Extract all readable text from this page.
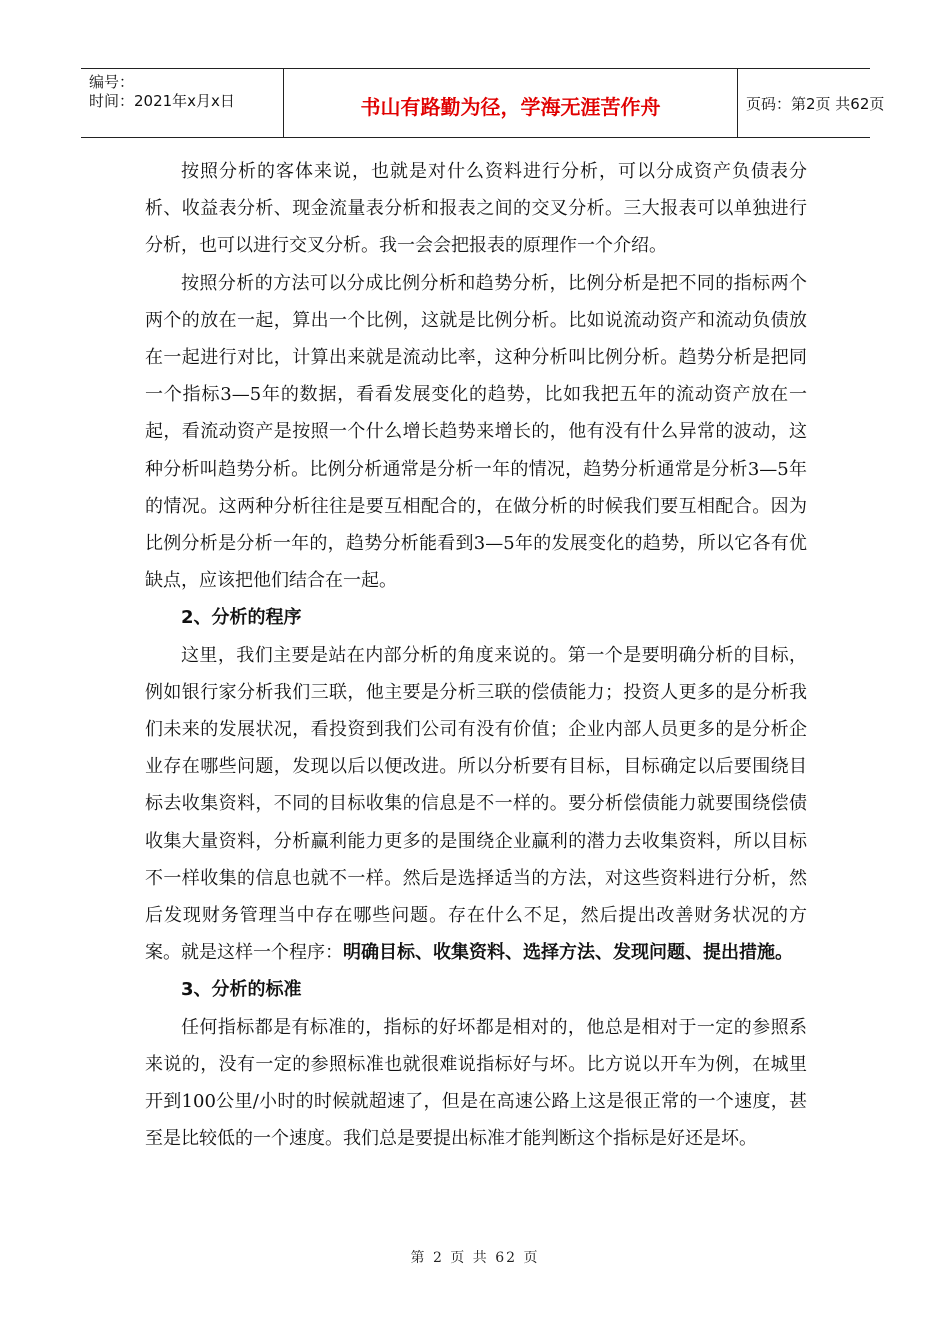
编号：
时间：2021年x月x日	书山有路勤为径，学海无涯苦作舟	页码：第2页 共62页

按照分析的客体来说，也就是对什么资料进行分析，可以分成资产负债表分析、收益表分析、现金流量表分析和报表之间的交叉分析。三大报表可以单独进行分析，也可以进行交叉分析。我一会会把报表的原理作一个介绍。

按照分析的方法可以分成比例分析和趋势分析，比例分析是把不同的指标两个两个的放在一起，算出一个比例，这就是比例分析。比如说流动资产和流动负债放在一起进行对比，计算出来就是流动比率，这种分析叫比例分析。趋势分析是把同一个指标3—5年的数据，看看发展变化的趋势，比如我把五年的流动资产放在一起，看流动资产是按照一个什么增长趋势来增长的，他有没有什么异常的波动，这种分析叫趋势分析。比例分析通常是分析一年的情况，趋势分析通常是分析3—5年的情况。这两种分析往往是要互相配合的，在做分析的时候我们要互相配合。因为比例分析是分析一年的，趋势分析能看到3—5年的发展变化的趋势，所以它各有优缺点，应该把他们结合在一起。

2、分析的程序

这里，我们主要是站在内部分析的角度来说的。第一个是要明确分析的目标，例如银行家分析我们三联，他主要是分析三联的偿债能力；投资人更多的是分析我们未来的发展状况，看投资到我们公司有没有价值；企业内部人员更多的是分析企业存在哪些问题，发现以后以便改进。所以分析要有目标，目标确定以后要围绕目标去收集资料，不同的目标收集的信息是不一样的。要分析偿债能力就要围绕偿债收集大量资料，分析赢利能力更多的是围绕企业赢利的潜力去收集资料，所以目标不一样收集的信息也就不一样。然后是选择适当的方法，对这些资料进行分析，然后发现财务管理当中存在哪些问题。存在什么不足，然后提出改善财务状况的方案。就是这样一个程序：明确目标、收集资料、选择方法、发现问题、提出措施。

3、分析的标准

任何指标都是有标准的，指标的好坏都是相对的，他总是相对于一定的参照系来说的，没有一定的参照标准也就很难说指标好与坏。比方说以开车为例，在城里开到100公里/小时的时候就超速了，但是在高速公路上这是很正常的一个速度，甚至是比较低的一个速度。我们总是要提出标准才能判断这个指标是好还是坏。

第 2 页 共 62 页
